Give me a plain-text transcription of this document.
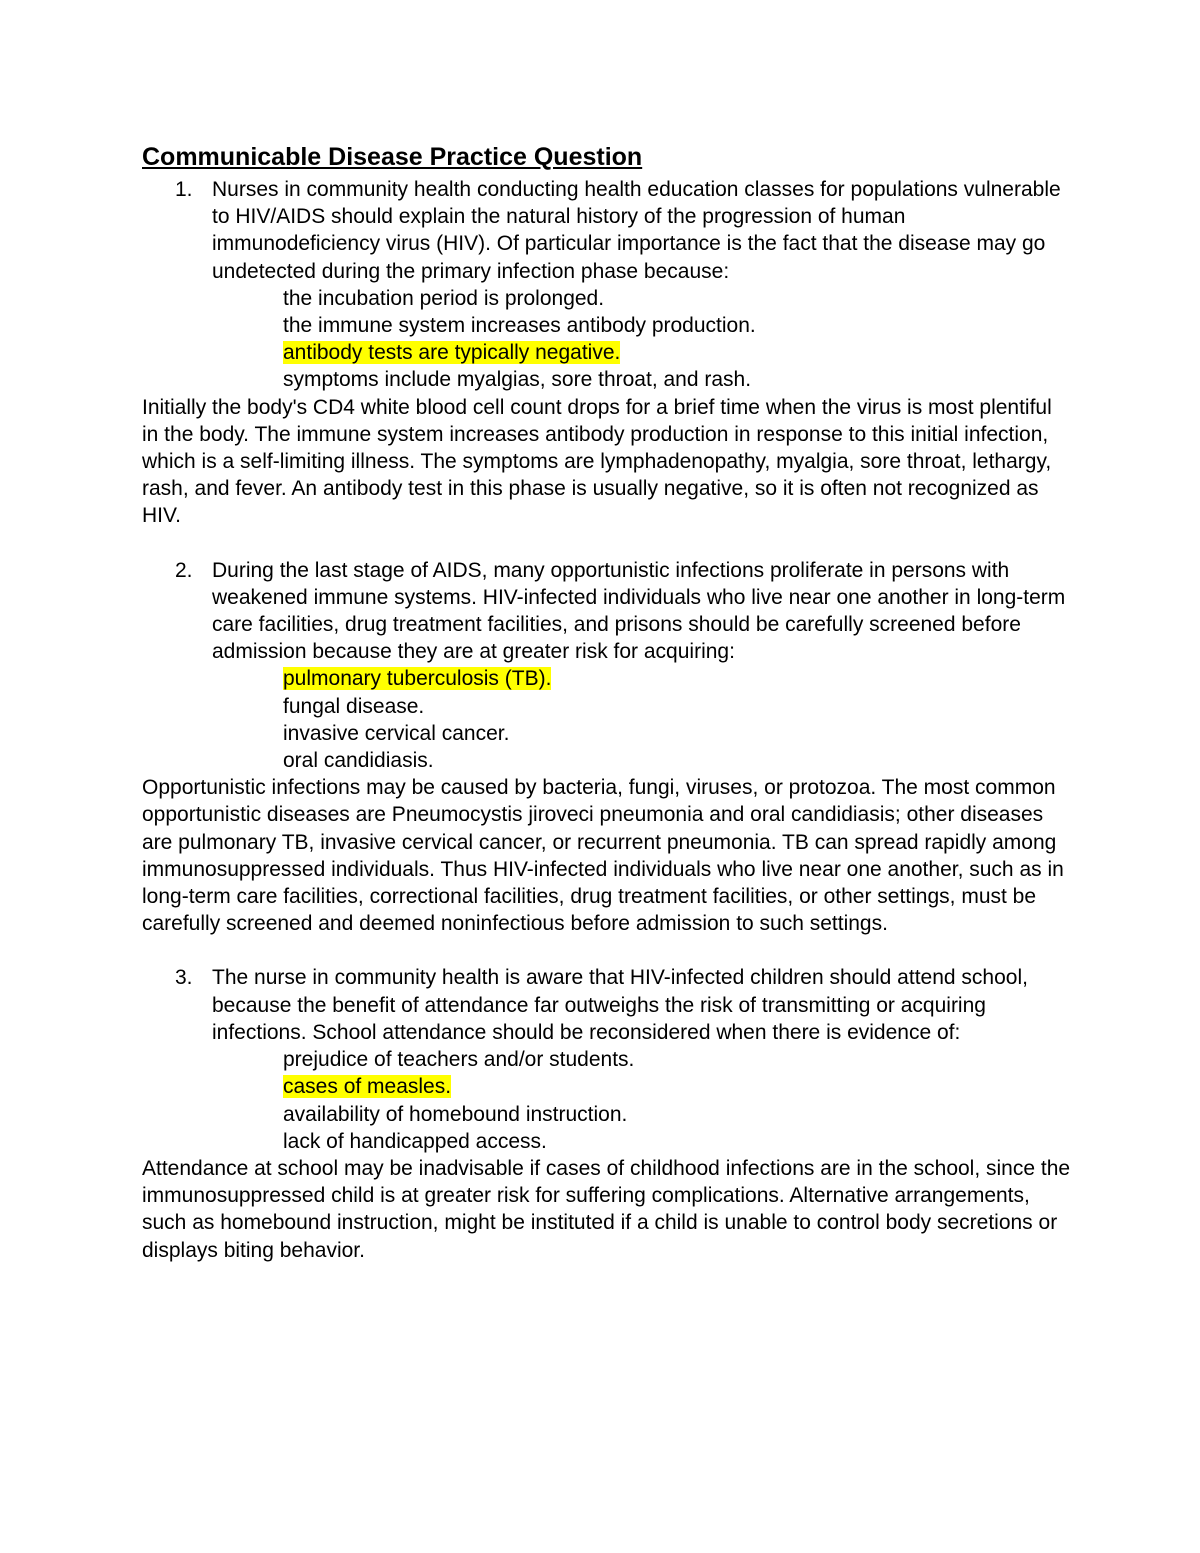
Communicable Disease Practice Question
1. Nurses in community health conducting health education classes for populations vulnerable to HIV/AIDS should explain the natural history of the progression of human immunodeficiency virus (HIV). Of particular importance is the fact that the disease may go undetected during the primary infection phase because:

the incubation period is prolonged.
the immune system increases antibody production.
antibody tests are typically negative.
symptoms include myalgias, sore throat, and rash.

Initially the body's CD4 white blood cell count drops for a brief time when the virus is most plentiful in the body. The immune system increases antibody production in response to this initial infection, which is a self-limiting illness. The symptoms are lymphadenopathy, myalgia, sore throat, lethargy, rash, and fever. An antibody test in this phase is usually negative, so it is often not recognized as HIV.

2. During the last stage of AIDS, many opportunistic infections proliferate in persons with weakened immune systems. HIV-infected individuals who live near one another in long-term care facilities, drug treatment facilities, and prisons should be carefully screened before admission because they are at greater risk for acquiring:

pulmonary tuberculosis (TB).
fungal disease.
invasive cervical cancer.
oral candidiasis.

Opportunistic infections may be caused by bacteria, fungi, viruses, or protozoa. The most common opportunistic diseases are Pneumocystis jiroveci pneumonia and oral candidiasis; other diseases are pulmonary TB, invasive cervical cancer, or recurrent pneumonia. TB can spread rapidly among immunosuppressed individuals. Thus HIV-infected individuals who live near one another, such as in long-term care facilities, correctional facilities, drug treatment facilities, or other settings, must be carefully screened and deemed noninfectious before admission to such settings.

3. The nurse in community health is aware that HIV-infected children should attend school, because the benefit of attendance far outweighs the risk of transmitting or acquiring infections. School attendance should be reconsidered when there is evidence of:

prejudice of teachers and/or students.
cases of measles.
availability of homebound instruction.
lack of handicapped access.

Attendance at school may be inadvisable if cases of childhood infections are in the school, since the immunosuppressed child is at greater risk for suffering complications. Alternative arrangements, such as homebound instruction, might be instituted if a child is unable to control body secretions or displays biting behavior.
